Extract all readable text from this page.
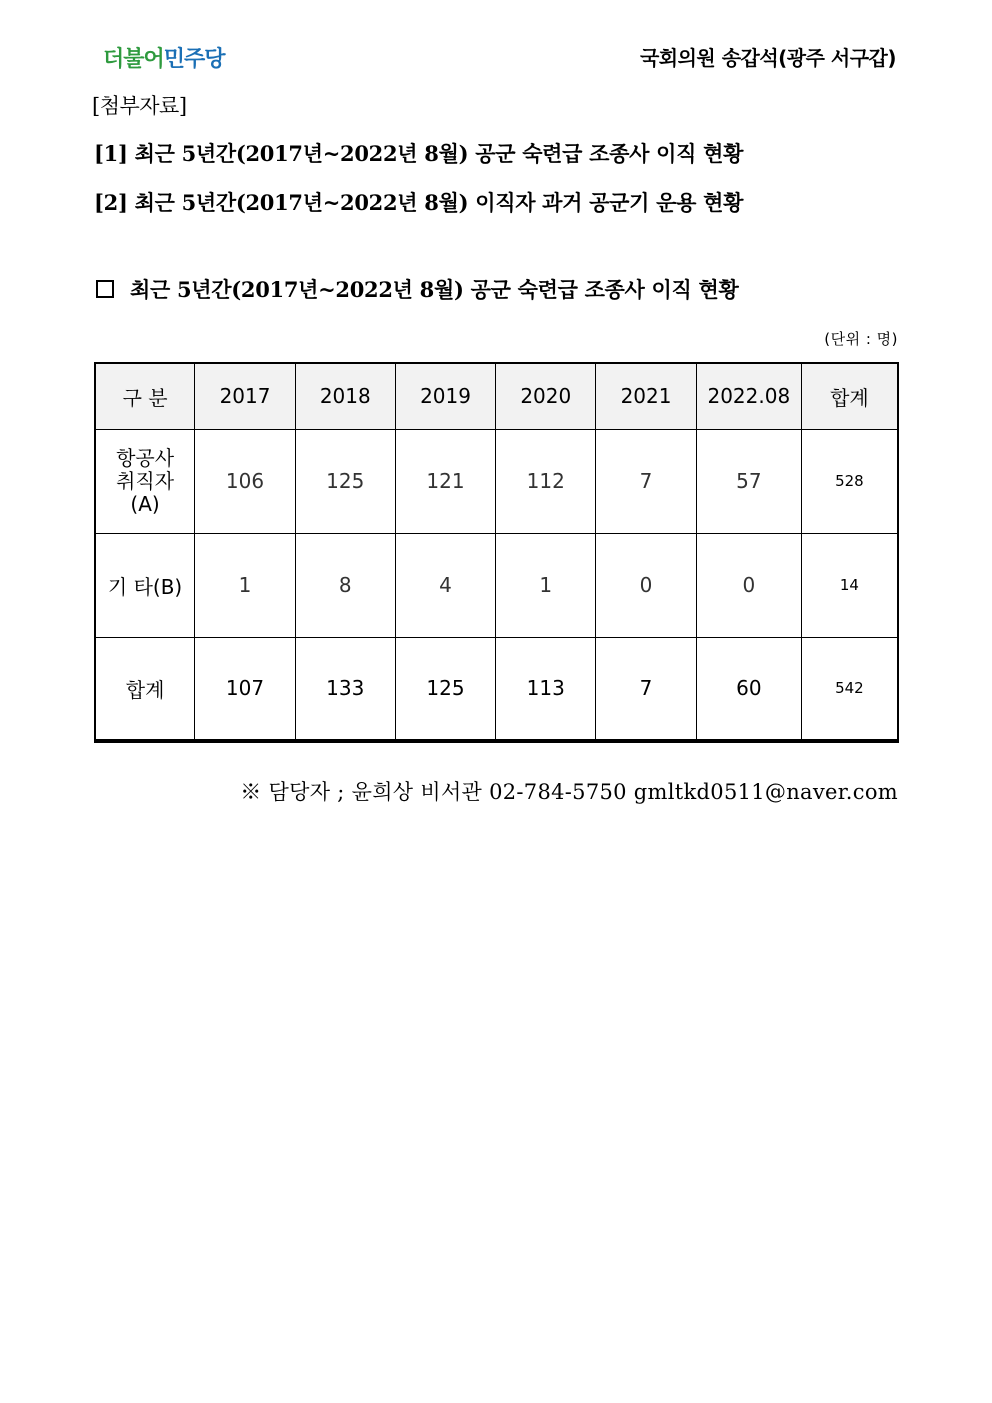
더불어민주당	국회의원 송갑석(광주 서구갑)
[첨부자료]
[1] 최근 5년간(2017년~2022년 8월) 공군 숙련급 조종사 이직 현황
[2] 최근 5년간(2017년~2022년 8월) 이직자 과거 공군기 운용 현황
최근 5년간(2017년~2022년 8월) 공군 숙련급 조종사 이직 현황
(단위 : 명)
구 분	2017	2018	2019	2020	2021	2022.08	합계

항공사
취직자
(A)	106	125	121	112	7	57	528
기 타(B)	1	8	4	1	0	0	14
합계	107	133	125	113	7	60	542
※ 담당자 ; 윤희상 비서관 02-784-5750 gmltkd0511@naver.com
